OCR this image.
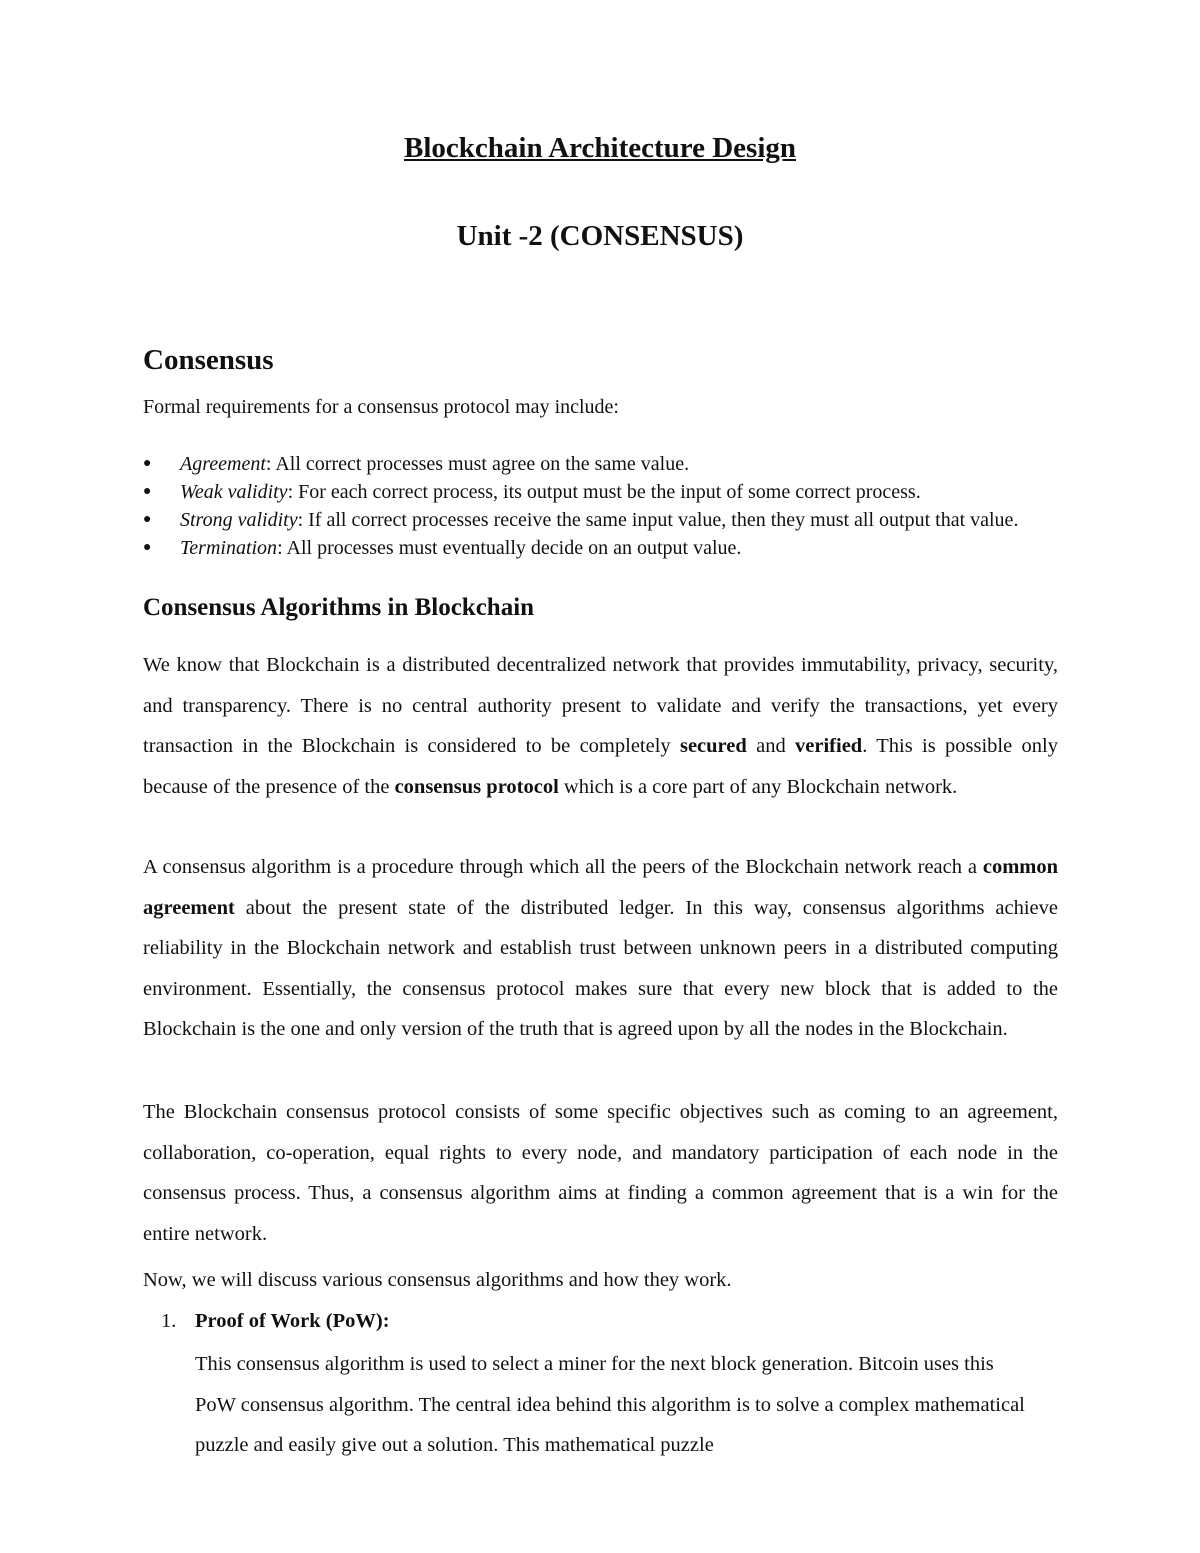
Blockchain Architecture Design
Unit -2 (CONSENSUS)
Consensus

Formal requirements for a consensus protocol may include:

● Agreement: All correct processes must agree on the same value.
● Weak validity: For each correct process, its output must be the input of some correct process.
● Strong validity: If all correct processes receive the same input value, then they must all output that value.
● Termination: All processes must eventually decide on an output value.
Consensus Algorithms in Blockchain

We know that Blockchain is a distributed decentralized network that provides immutability, privacy, security, and transparency. There is no central authority present to validate and verify the transactions, yet every transaction in the Blockchain is considered to be completely secured and verified. This is possible only because of the presence of the consensus protocol which is a core part of any Blockchain network.

A consensus algorithm is a procedure through which all the peers of the Blockchain network reach a common agreement about the present state of the distributed ledger. In this way, consensus algorithms achieve reliability in the Blockchain network and establish trust between unknown peers in a distributed computing environment. Essentially, the consensus protocol makes sure that every new block that is added to the Blockchain is the one and only version of the truth that is agreed upon by all the nodes in the Blockchain.

The Blockchain consensus protocol consists of some specific objectives such as coming to an agreement, collaboration, co-operation, equal rights to every node, and mandatory participation of each node in the consensus process. Thus, a consensus algorithm aims at finding a common agreement that is a win for the entire network.

Now, we will discuss various consensus algorithms and how they work.

1. Proof of Work (PoW):

This consensus algorithm is used to select a miner for the next block generation. Bitcoin uses this PoW consensus algorithm. The central idea behind this algorithm is to solve a complex mathematical puzzle and easily give out a solution. This mathematical puzzle
